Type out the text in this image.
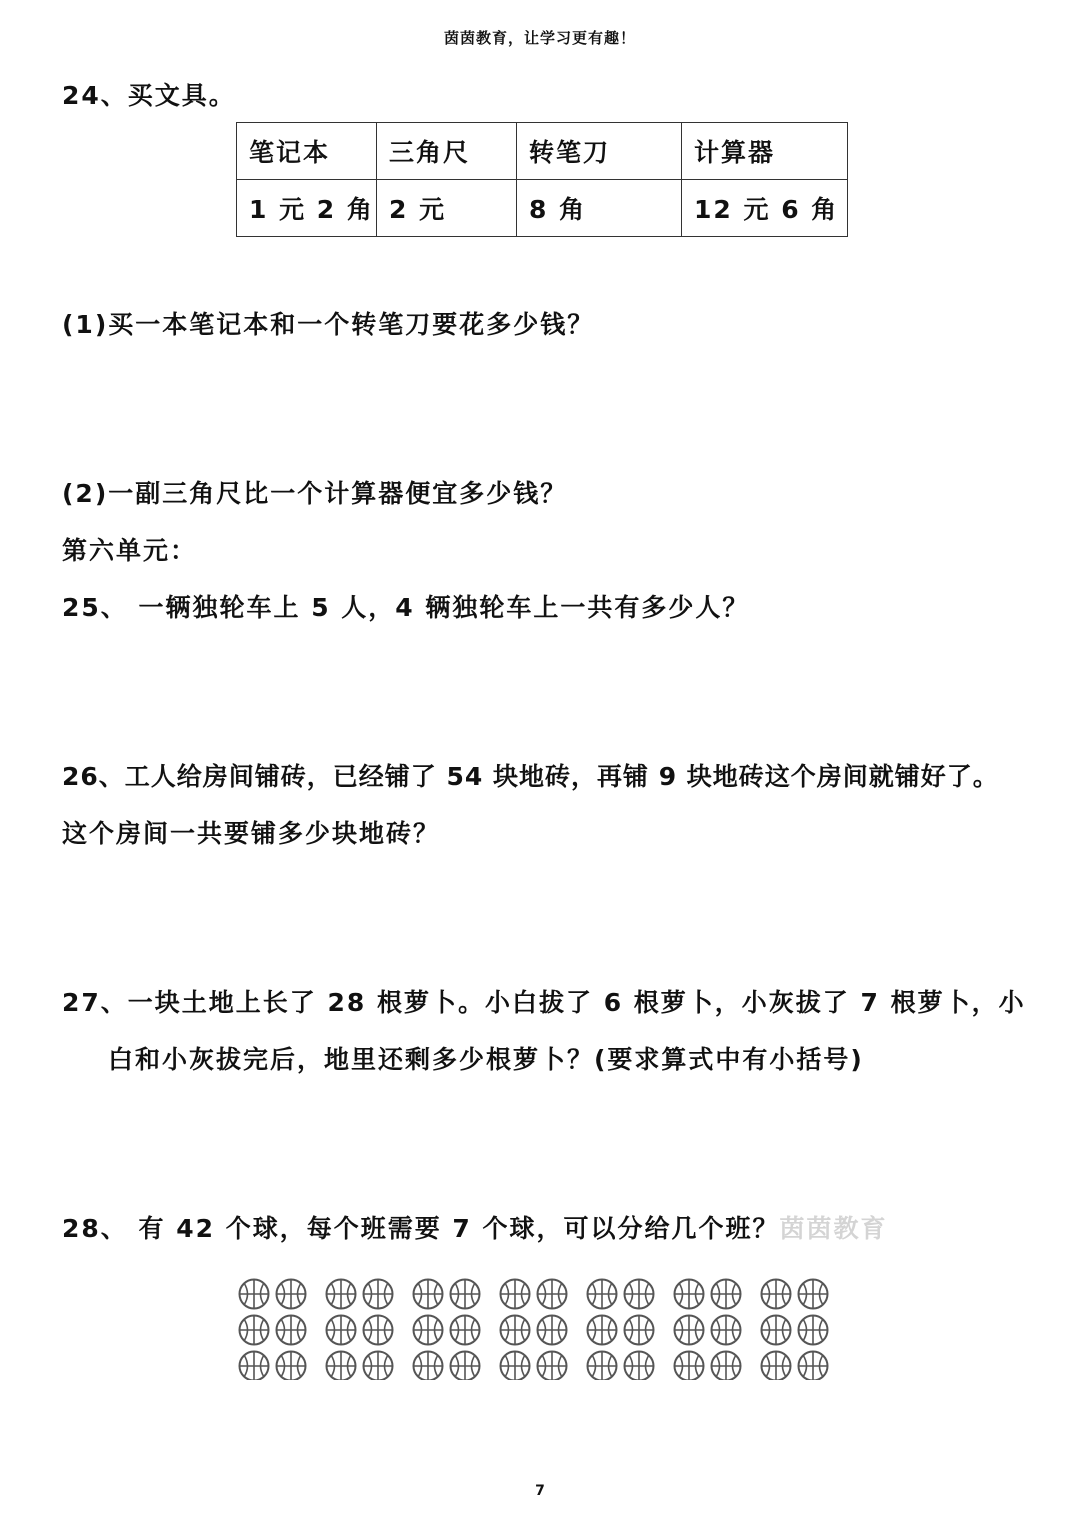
茵茵教育，让学习更有趣！
24、买文具。
笔记本	三角尺	转笔刀	计算器
1 元 2 角	2 元	8 角	12 元 6 角
(1)买一本笔记本和一个转笔刀要花多少钱？
(2)一副三角尺比一个计算器便宜多少钱？
第六单元：
25、 一辆独轮车上 5 人，4 辆独轮车上一共有多少人？
26、工人给房间铺砖，已经铺了 54 块地砖，再铺 9 块地砖这个房间就铺好了。
这个房间一共要铺多少块地砖？
27、一块土地上长了 28 根萝卜。小白拔了 6 根萝卜，小灰拔了 7 根萝卜，小
白和小灰拔完后，地里还剩多少根萝卜？(要求算式中有小括号)
28、 有 42 个球，每个班需要 7 个球，可以分给几个班？茵茵教育
7
